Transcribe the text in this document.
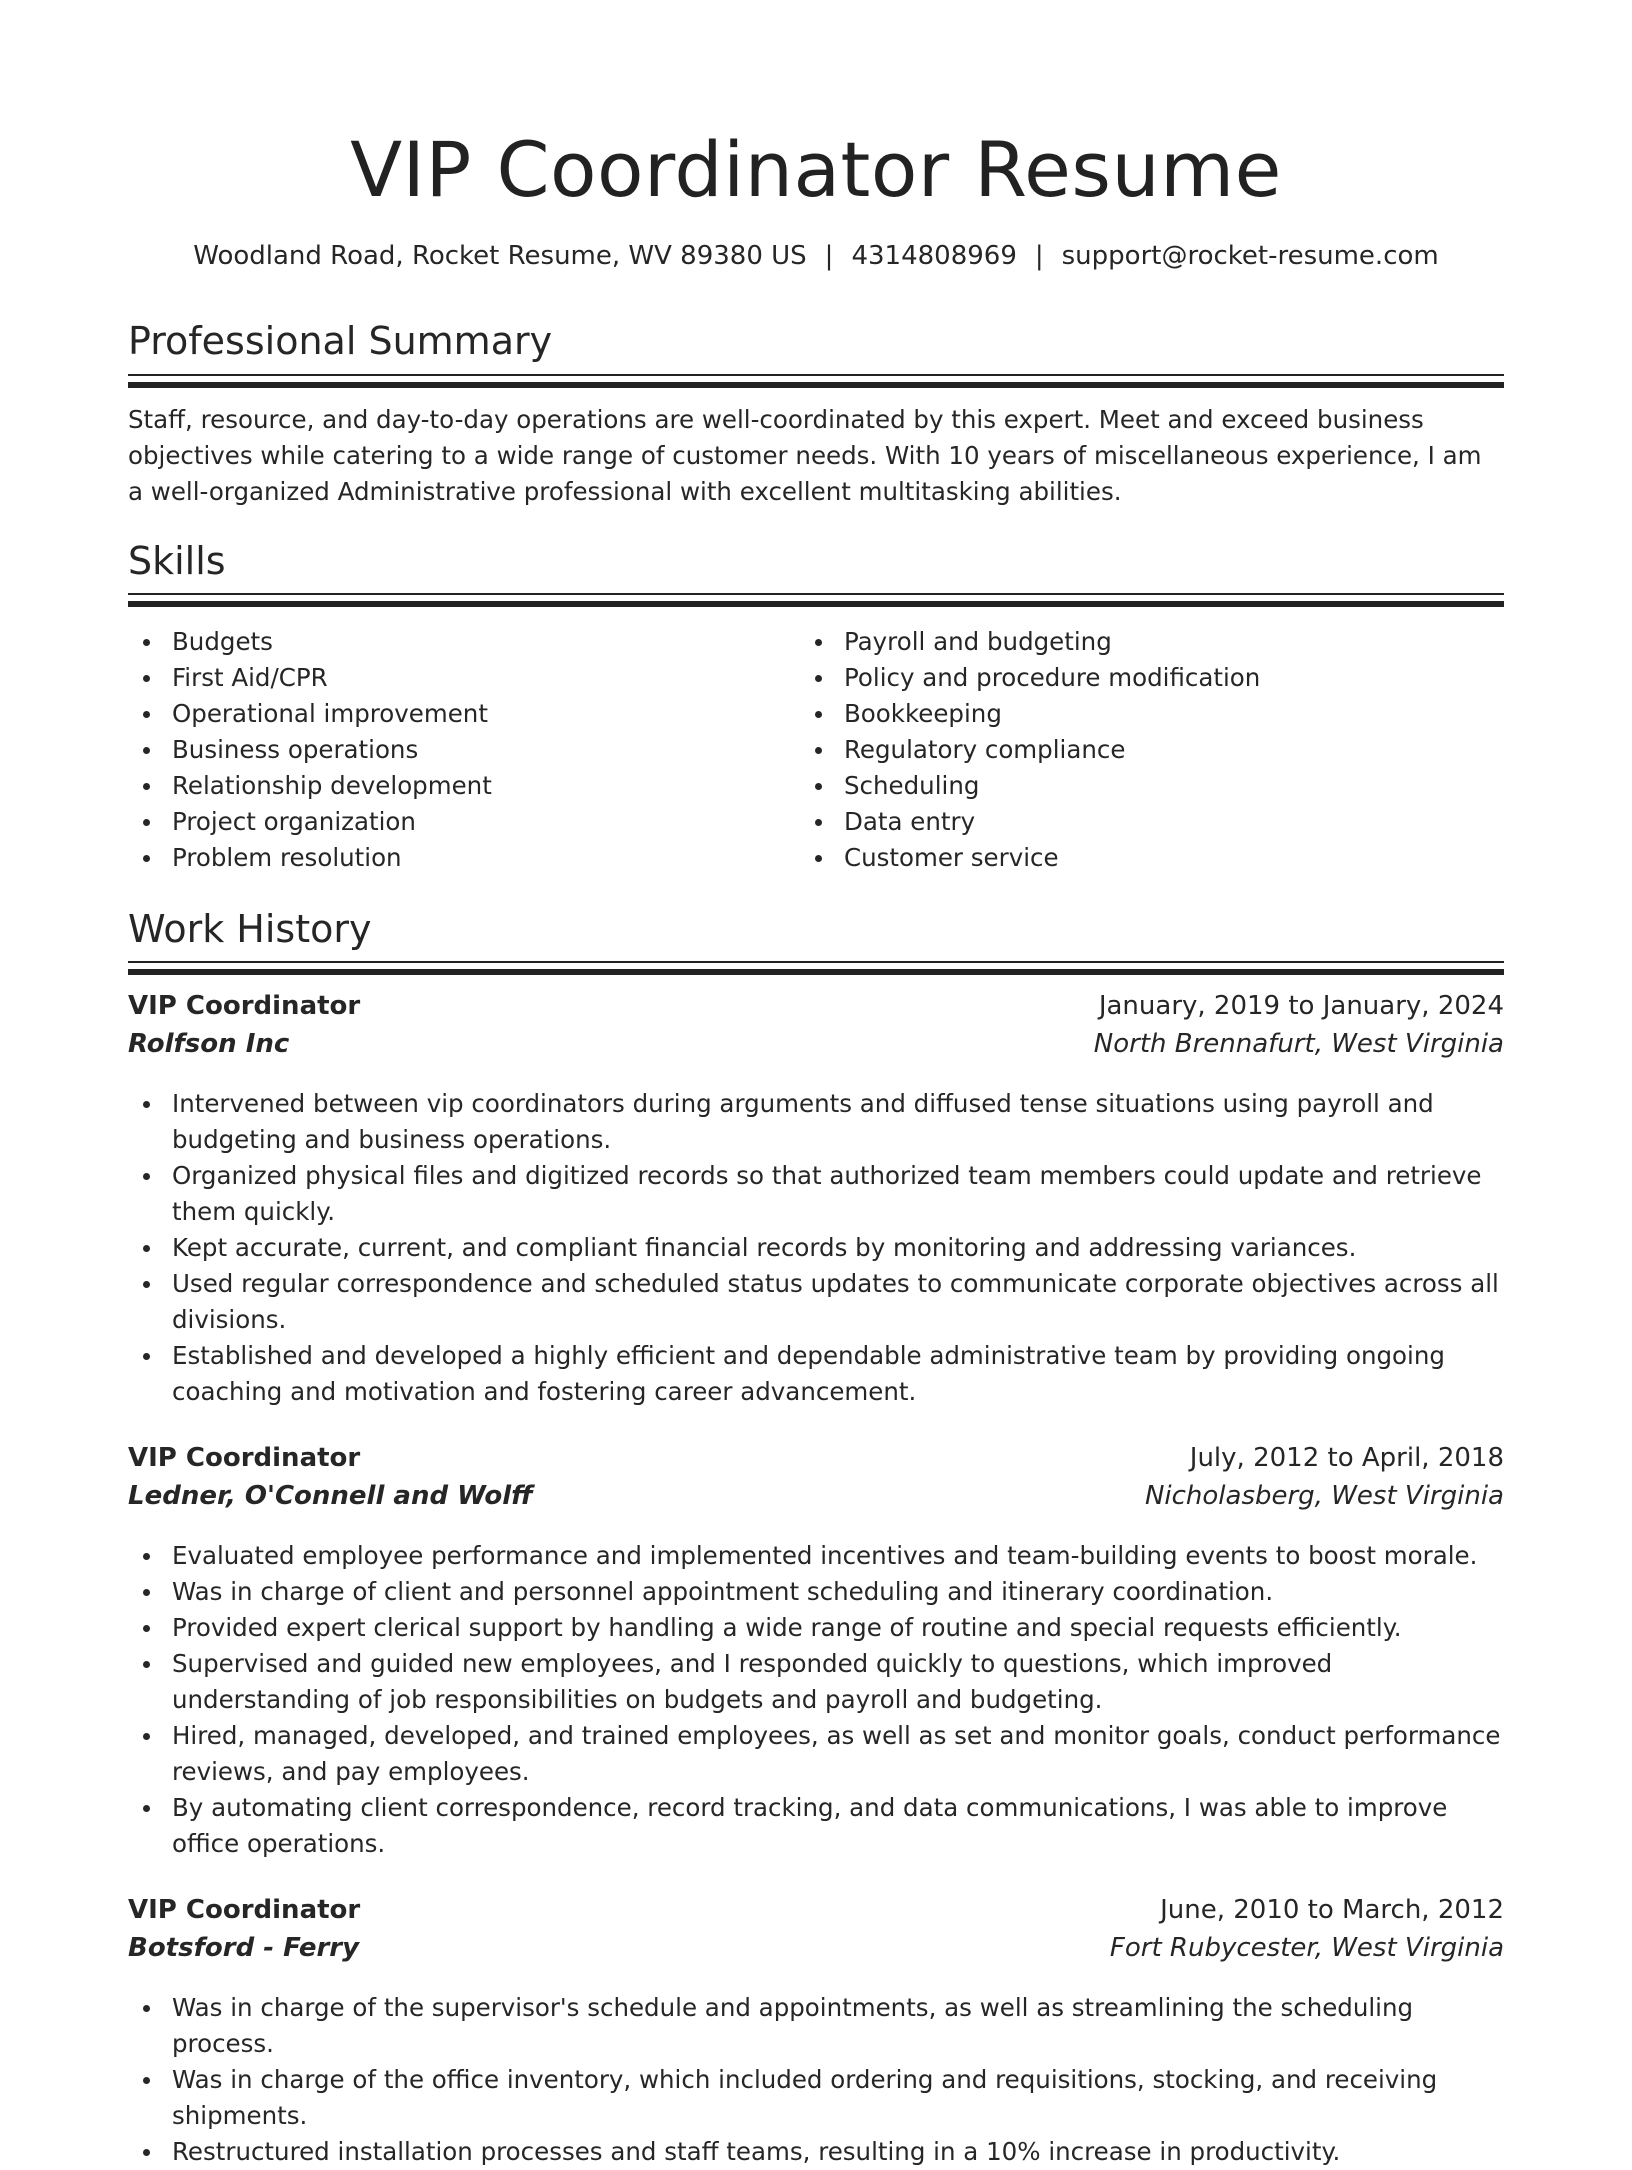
VIP Coordinator Resume
Woodland Road, Rocket Resume, WV 89380 US | 4314808969 | support@rocket-resume.com
Professional Summary
Staff, resource, and day-to-day operations are well-coordinated by this expert. Meet and exceed business objectives while catering to a wide range of customer needs. With 10 years of miscellaneous experience, I am a well-organized Administrative professional with excellent multitasking abilities.
Skills
Budgets
First Aid/CPR
Operational improvement
Business operations
Relationship development
Project organization
Problem resolution
Payroll and budgeting
Policy and procedure modification
Bookkeeping
Regulatory compliance
Scheduling
Data entry
Customer service
Work History
VIP Coordinator	January, 2019 to January, 2024
Rolfson Inc	North Brennafurt, West Virginia
Intervened between vip coordinators during arguments and diffused tense situations using payroll and budgeting and business operations.
Organized physical files and digitized records so that authorized team members could update and retrieve them quickly.
Kept accurate, current, and compliant financial records by monitoring and addressing variances.
Used regular correspondence and scheduled status updates to communicate corporate objectives across all divisions.
Established and developed a highly efficient and dependable administrative team by providing ongoing coaching and motivation and fostering career advancement.
VIP Coordinator	July, 2012 to April, 2018
Ledner, O'Connell and Wolff	Nicholasberg, West Virginia
Evaluated employee performance and implemented incentives and team-building events to boost morale.
Was in charge of client and personnel appointment scheduling and itinerary coordination.
Provided expert clerical support by handling a wide range of routine and special requests efficiently.
Supervised and guided new employees, and I responded quickly to questions, which improved understanding of job responsibilities on budgets and payroll and budgeting.
Hired, managed, developed, and trained employees, as well as set and monitor goals, conduct performance reviews, and pay employees.
By automating client correspondence, record tracking, and data communications, I was able to improve office operations.
VIP Coordinator	June, 2010 to March, 2012
Botsford - Ferry	Fort Rubycester, West Virginia
Was in charge of the supervisor's schedule and appointments, as well as streamlining the scheduling process.
Was in charge of the office inventory, which included ordering and requisitions, stocking, and receiving shipments.
Restructured installation processes and staff teams, resulting in a 10% increase in productivity.
